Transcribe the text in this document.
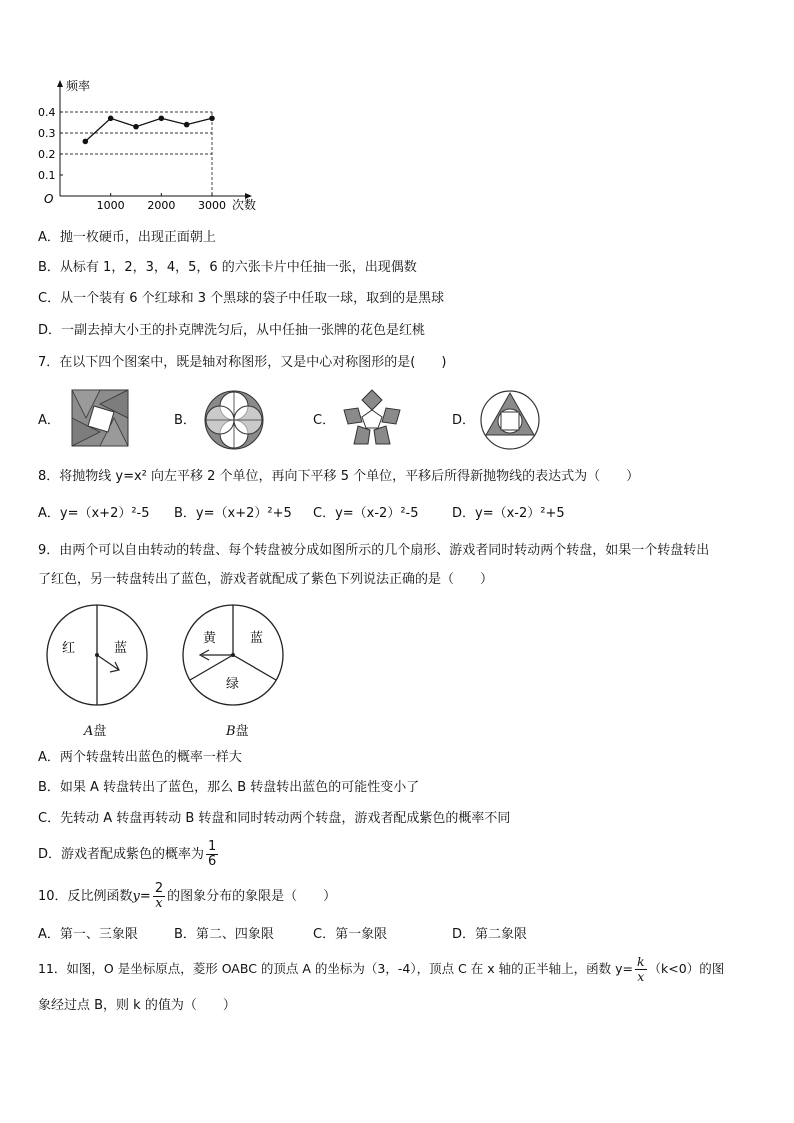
0.1
0.2
0.3
0.4
1000 2000 3000
频率
次数
O
A．抛一枚硬币，出现正面朝上
B．从标有 1，2，3，4，5，6 的六张卡片中任抽一张，出现偶数
C．从一个装有 6 个红球和 3 个黑球的袋子中任取一球，取到的是黑球
D．一副去掉大小王的扑克牌洗匀后，从中任抽一张牌的花色是红桃
7．在以下四个图案中，既是轴对称图形，又是中心对称图形的是(　　)
A．	B．	C．	D．
8．将抛物线 y=x² 向左平移 2 个单位，再向下平移 5 个单位，平移后所得新抛物线的表达式为（　　）
A．y=（x+2）²-5 B．y=（x+2）²+5 C．y=（x-2）²-5	D．y=（x-2）²+5
9．由两个可以自由转动的转盘、每个转盘被分成如图所示的几个扇形、游戏者同时转动两个转盘，如果一个转盘转出
了红色，另一转盘转出了蓝色，游戏者就配成了紫色下列说法正确的是（　　）
红	蓝
A盘
黄	蓝
绿
B盘
A．两个转盘转出蓝色的概率一样大
B．如果 A 转盘转出了蓝色，那么 B 转盘转出蓝色的可能性变小了
C．先转动 A 转盘再转动 B 转盘和同时转动两个转盘，游戏者配成紫色的概率不同
D．游戏者配成紫色的概率为 $\frac{1}{6}$
10．反比例函数$y= \frac{2}{x}$ 的图象分布的象限是（　　）
A．第一、三象限	B．第二、四象限	C．第一象限	D．第二象限
11．如图，O 是坐标原点，菱形 OABC 的顶点 A 的坐标为（3，-4），顶点 C 在 x 轴的正半轴上，函数 $y= \frac{k}{x} (k<0)$的图
象经过点 B，则 k 的值为（　　）
